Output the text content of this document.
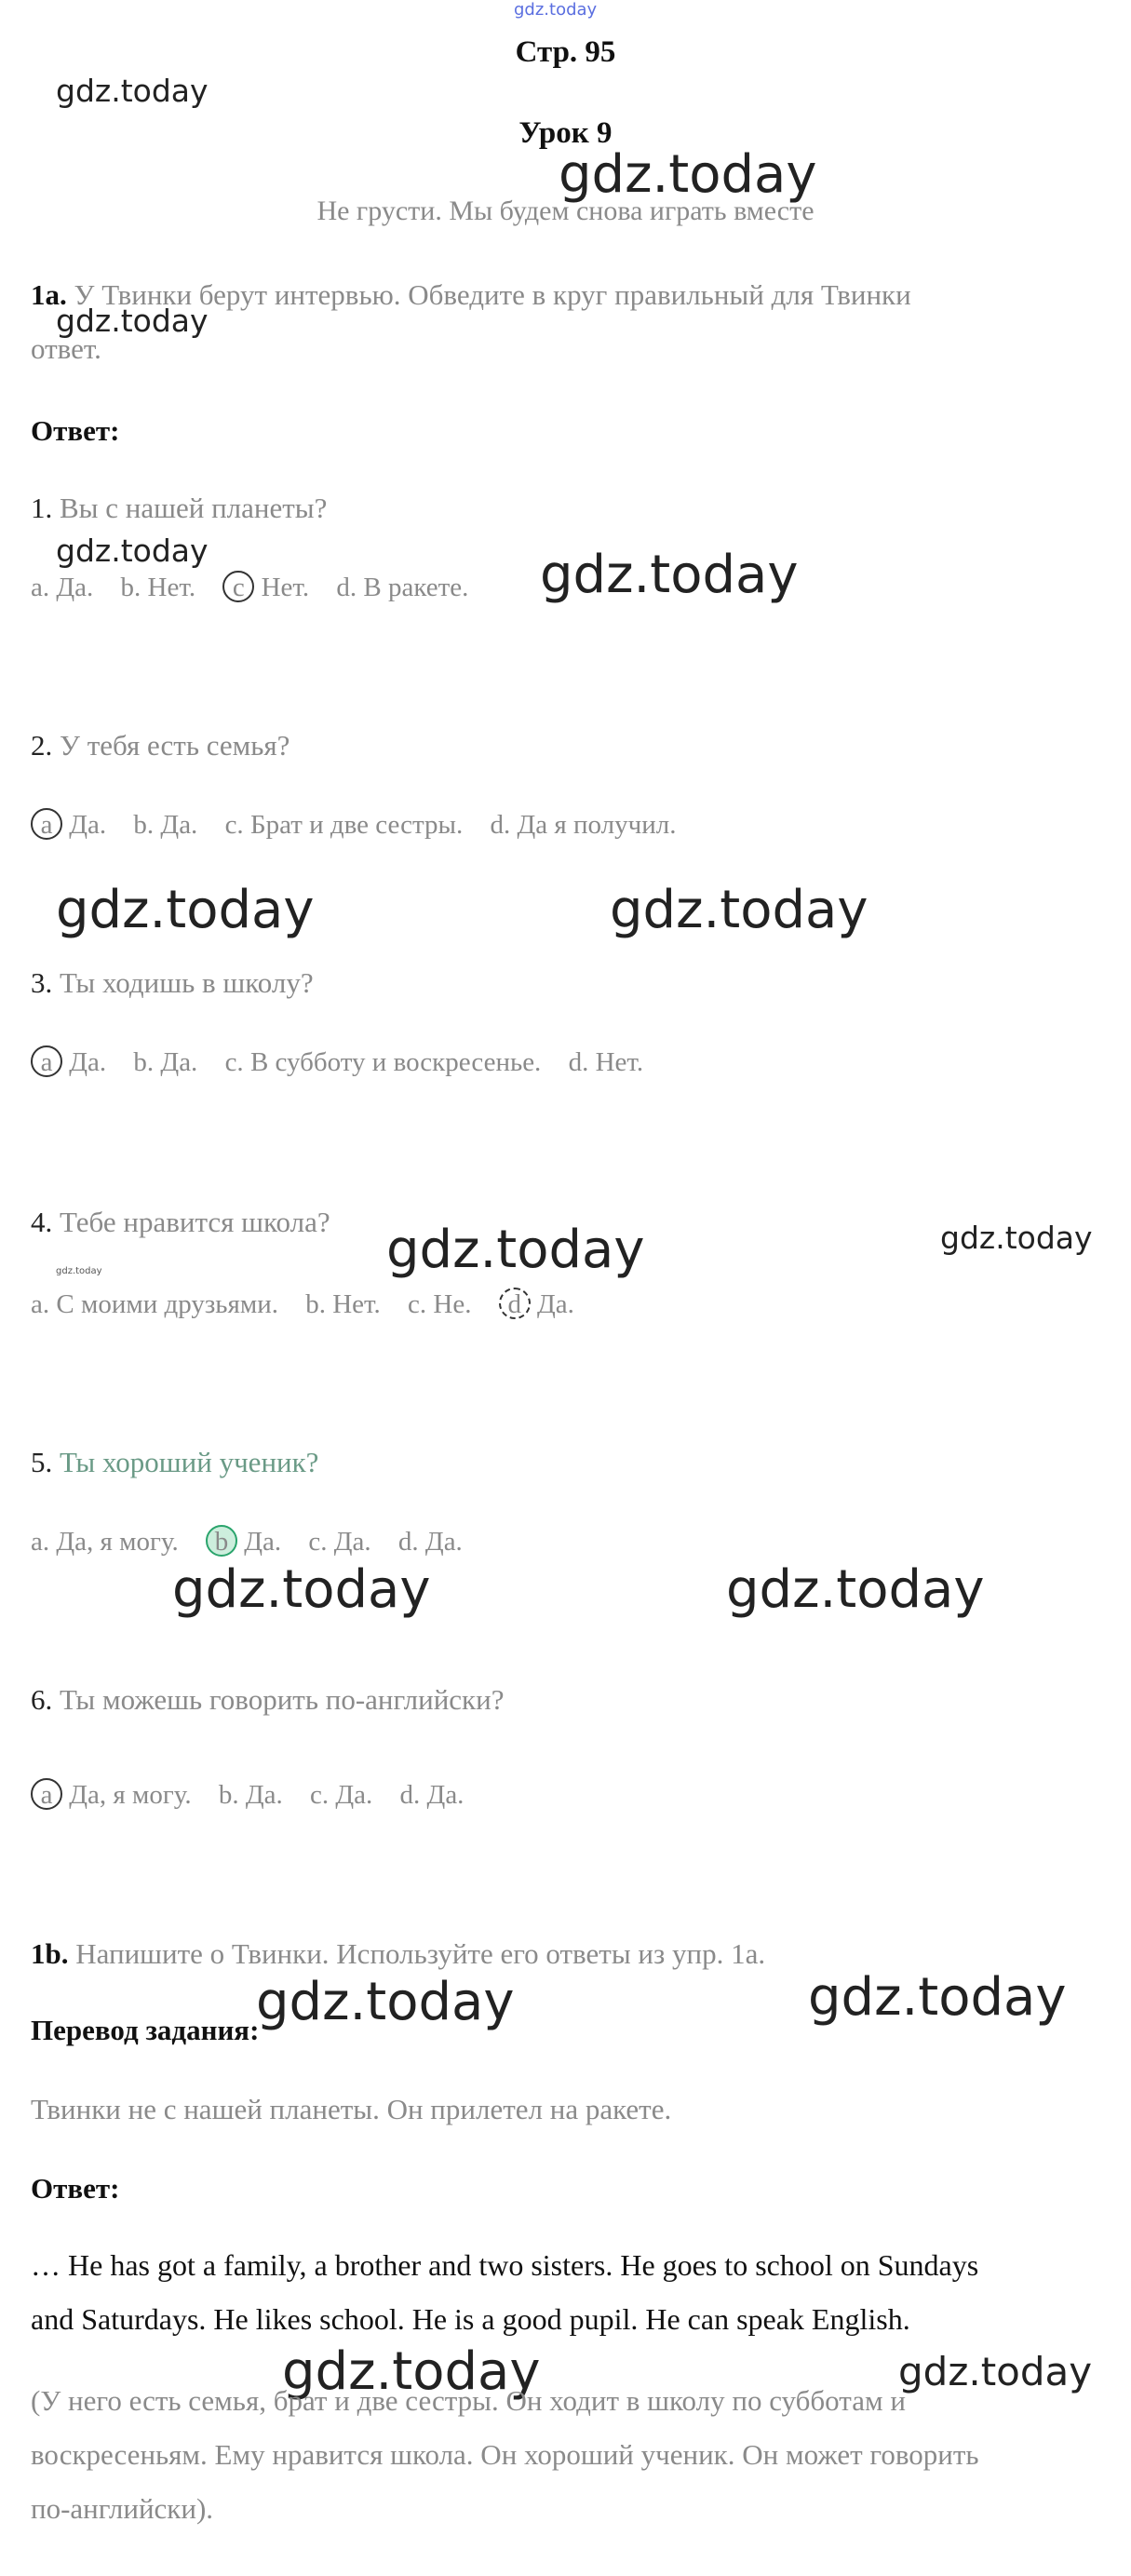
gdz.today
gdz.today
gdz.today
gdz.today
gdz.today	gdz.today
gdz.today	gdz.today
gdz.today	gdz.today
gdz.today
gdz.today	gdz.today
gdz.today	gdz.today
gdz.today	gdz.today
Стр. 95
Урок 9
Не грусти. Мы будем снова играть вместе
1a. У Твинки берут интервью. Обведите в круг правильный для Твинки
ответ.
Ответ:
1. Вы с нашей планеты?
a. Да. b. Нет. c Нет. d. В ракете.
2. У тебя есть семья?
a Да. b. Да. c. Брат и две сестры. d. Да я получил.
3. Ты ходишь в школу?
a Да. b. Да. c. В субботу и воскресенье. d. Нет.
4. Тебе нравится школа?
a. С моими друзьями. b. Нет. c. Не. d Да.
5. Ты хороший ученик?
a. Да, я могу. b Да. c. Да. d. Да.
6. Ты можешь говорить по-английски?
a Да, я могу. b. Да. c. Да. d. Да.
1b. Напишите о Твинки. Используйте его ответы из упр. 1a.
Перевод задания:
Твинки не с нашей планеты. Он прилетел на ракете.
Ответ:
… He has got a family, a brother and two sisters. He goes to school on Sundays
and Saturdays. He likes school. He is a good pupil. He can speak English.
(У него есть семья, брат и две сестры. Он ходит в школу по субботам и
воскресеньям. Ему нравится школа. Он хороший ученик. Он может говорить
по-английски).
